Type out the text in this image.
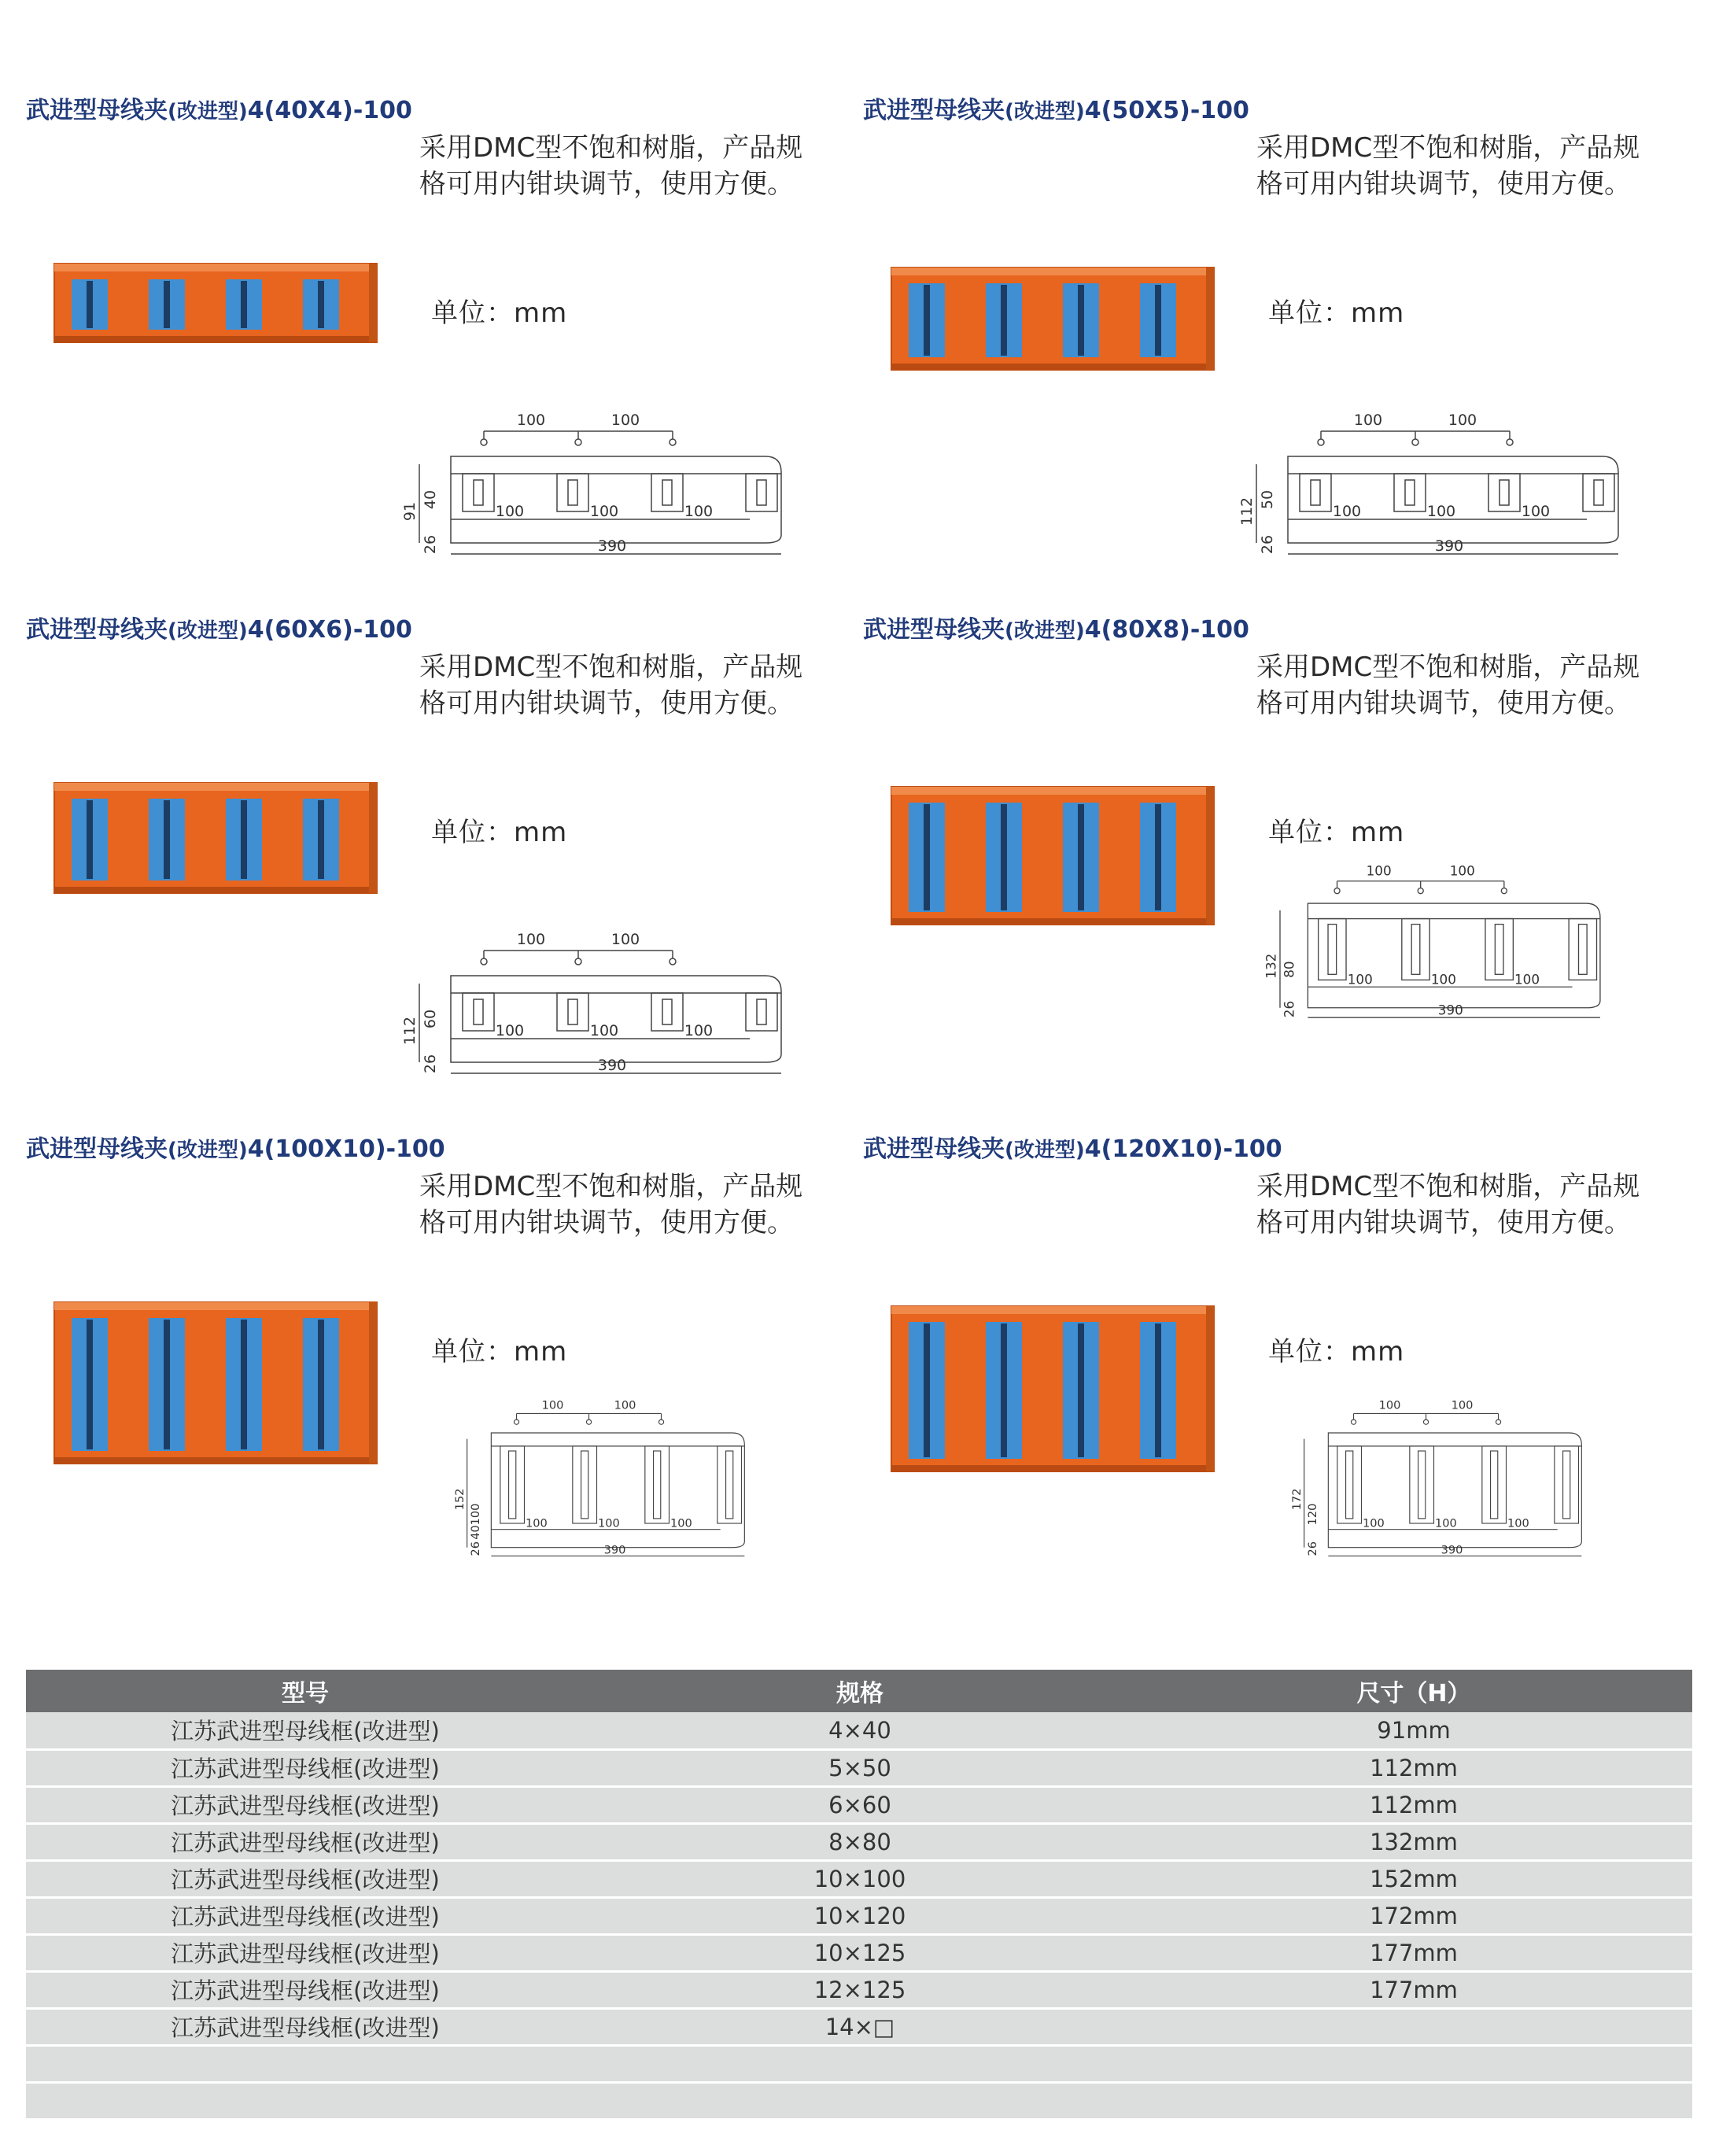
武进型母线夹(改进型)4(40X4)-100
采用DMC型不饱和树脂，产品规
格可用内钳块调节，使用方便。
单位：mm
100	100
100	100	100
390
91
40
26
武进型母线夹(改进型)4(50X5)-100
采用DMC型不饱和树脂，产品规
格可用内钳块调节，使用方便。
单位：mm
100	100
100	100	100
390
112 50
26
武进型母线夹(改进型)4(60X6)-100
采用DMC型不饱和树脂，产品规
格可用内钳块调节，使用方便。
单位：mm
100	100
100	100	100
390
112 60
26
武进型母线夹(改进型)4(80X8)-100
采用DMC型不饱和树脂，产品规
格可用内钳块调节，使用方便。
单位：mm
100	100
100	100	100
390
132 80
26
武进型母线夹(改进型)4(100X10)-100
采用DMC型不饱和树脂，产品规
格可用内钳块调节，使用方便。
单位：mm
100	100
100	100	100
390
152
100
40
26
武进型母线夹(改进型)4(120X10)-100
采用DMC型不饱和树脂，产品规
格可用内钳块调节，使用方便。
单位：mm
100	100
100	100	100
390
172
120
26
型号	规格	尺寸（H）
江苏武进型母线框(改进型)	4×40	91mm
江苏武进型母线框(改进型)	5×50	112mm
江苏武进型母线框(改进型)	6×60	112mm
江苏武进型母线框(改进型)	8×80	132mm
江苏武进型母线框(改进型)	10×100	152mm
江苏武进型母线框(改进型)	10×120	172mm
江苏武进型母线框(改进型)	10×125	177mm
江苏武进型母线框(改进型)	12×125	177mm
江苏武进型母线框(改进型)	14×□	
